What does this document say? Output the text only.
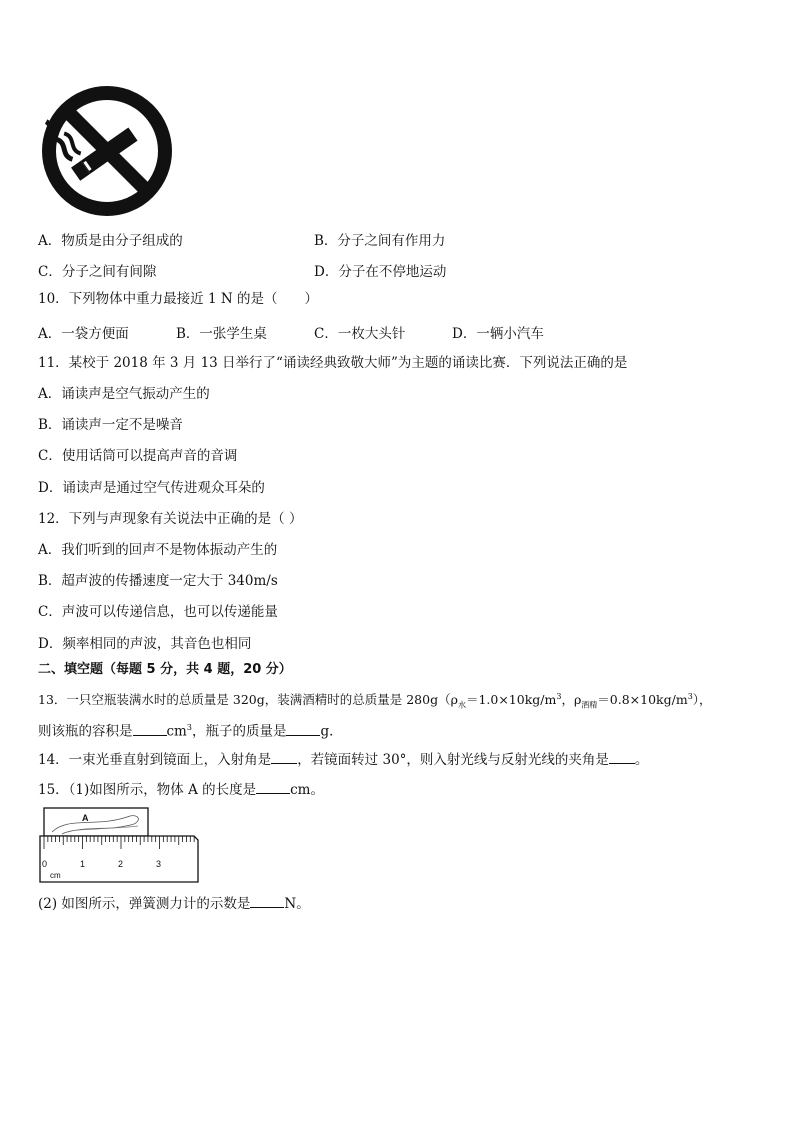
A．物质是由分子组成的	B．分子之间有作用力
C．分子之间有间隙	D．分子在不停地运动
10．下列物体中重力最接近 1 N 的是（　　）
A．一袋方便面	B．一张学生桌	C．一枚大头针	D．一辆小汽车
11．某校于 2018 年 3 月 13 日举行了“诵读经典致敬大师”为主题的诵读比赛．下列说法正确的是
A．诵读声是空气振动产生的
B．诵读声一定不是噪音
C．使用话筒可以提高声音的音调
D．诵读声是通过空气传进观众耳朵的
12．下列与声现象有关说法中正确的是（ ）
A．我们听到的回声不是物体振动产生的
B．超声波的传播速度一定大于 340m/s
C．声波可以传递信息，也可以传递能量
D．频率相同的声波，其音色也相同
二、填空题（每题 5 分，共 4 题，20 分）
13．一只空瓶装满水时的总质量是 320g，装满酒精时的总质量是 $280g(\rho_水=1.0\times 10kg/m^3$，$\rho_{酒精}=0.8\times 10kg/m^3$），
则该瓶的容积是	$cm^3$，瓶子的质量是	g．
14．一束光垂直射到镜面上，入射角是 ，若镜面转过 30°，则入射光线与反射光线的夹角是 。
15．（1)如图所示，物体 A 的长度是	cm。
A
0	1	2	3
cm
(2) 如图所示，弹簧测力计的示数是	N。
